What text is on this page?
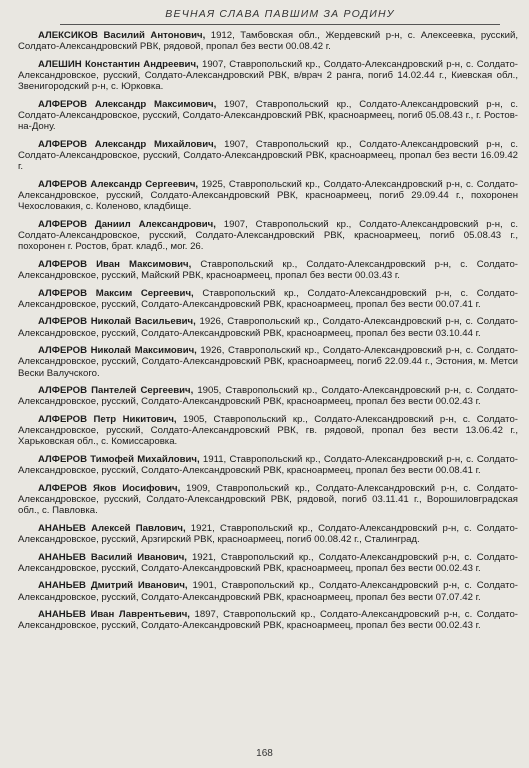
ВЕЧНАЯ СЛАВА ПАВШИМ ЗА РОДИНУ

АЛЕКСИКОВ Василий Антонович, 1912, Тамбовская обл., Жердевский р-н, с. Алексеевка, русский, Солдато-Александровский РВК, рядовой, пропал без вести 00.08.42 г.

АЛЕШИН Константин Андреевич, 1907, Ставропольский кр., Солдато-Александровский р-н, с. Солдато-Александровское, русский, Солдато-Александровский РВК, в/врач 2 ранга, погиб 14.02.44 г., Киевская обл., Звенигородский р-н, с. Юрковка.

АЛФЕРОВ Александр Максимович, 1907, Ставропольский кр., Солдато-Александровский р-н, с. Солдато-Александровское, русский, Солдато-Александровский РВК, красноармеец, погиб 05.08.43 г., г. Ростов-на-Дону.

АЛФЕРОВ Александр Михайлович, 1907, Ставропольский кр., Солдато-Александровский р-н, с. Солдато-Александровское, русский, Солдато-Александровский РВК, красноармеец, пропал без вести 16.09.42 г.

АЛФЕРОВ Александр Сергеевич, 1925, Ставропольский кр., Солдато-Александровский р-н, с. Солдато-Александровское, русский, Солдато-Александровский РВК, красноармеец, погиб 29.09.44 г., похоронен Чехословакия, с. Коленово, кладбище.

АЛФЕРОВ Даниил Александрович, 1907, Ставропольский кр., Солдато-Александровский р-н, с. Солдато-Александровское, русский, Солдато-Александровский РВК, красноармеец, погиб 05.08.43 г., похоронен г. Ростов, брат. кладб., мог. 26.

АЛФЕРОВ Иван Максимович, Ставропольский кр., Солдато-Александровский р-н, с. Солдато-Александровское, русский, Майский РВК, красноармеец, пропал без вести 00.03.43 г.

АЛФЕРОВ Максим Сергеевич, Ставропольский кр., Солдато-Александровский р-н, с. Солдато-Александровское, русский, Солдато-Александровский РВК, красноармеец, пропал без вести 00.07.41 г.

АЛФЕРОВ Николай Васильевич, 1926, Ставропольский кр., Солдато-Александровский р-н, с. Солдато-Александровское, русский, Солдато-Александровский РВК, красноармеец, пропал без вести 03.10.44 г.

АЛФЕРОВ Николай Максимович, 1926, Ставропольский кр., Солдато-Александровский р-н, с. Солдато-Александровское, русский, Солдато-Александровский РВК, красноармеец, погиб 22.09.44 г., Эстония, м. Метси Вески Валучского.

АЛФЕРОВ Пантелей Сергеевич, 1905, Ставропольский кр., Солдато-Александровский р-н, с. Солдато-Александровское, русский, Солдато-Александровский РВК, красноармеец, пропал без вести 00.02.43 г.

АЛФЕРОВ Петр Никитович, 1905, Ставропольский кр., Солдато-Александровский р-н, с. Солдато-Александровское, русский, Солдато-Александровский РВК, гв. рядовой, пропал без вести 13.06.42 г., Харьковская обл., с. Комиссаровка.

АЛФЕРОВ Тимофей Михайлович, 1911, Ставропольский кр., Солдато-Александровский р-н, с. Солдато-Александровское, русский, Солдато-Александровский РВК, красноармеец, пропал без вести 00.08.41 г.

АЛФЕРОВ Яков Иосифович, 1909, Ставропольский кр., Солдато-Александровский р-н, с. Солдато-Александровское, русский, Солдато-Александровский РВК, рядовой, погиб 03.11.41 г., Ворошиловградская обл., с. Павловка.

АНАНЬЕВ Алексей Павлович, 1921, Ставропольский кр., Солдато-Александровский р-н, с. Солдато-Александровское, русский, Арзгирский РВК, красноармеец, погиб 00.08.42 г., Сталинград.

АНАНЬЕВ Василий Иванович, 1921, Ставропольский кр., Солдато-Александровский р-н, с. Солдато-Александровское, русский, Солдато-Александровский РВК, красноармеец, пропал без вести 00.02.43 г.

АНАНЬЕВ Дмитрий Иванович, 1901, Ставропольский кр., Солдато-Александровский р-н, с. Солдато-Александровское, русский, Солдато-Александровский РВК, красноармеец, пропал без вести 07.07.42 г.

АНАНЬЕВ Иван Лаврентьевич, 1897, Ставропольский кр., Солдато-Александровский р-н, с. Солдато-Александровское, русский, Солдато-Александровский РВК, красноармеец, пропал без вести 00.02.43 г.

168
